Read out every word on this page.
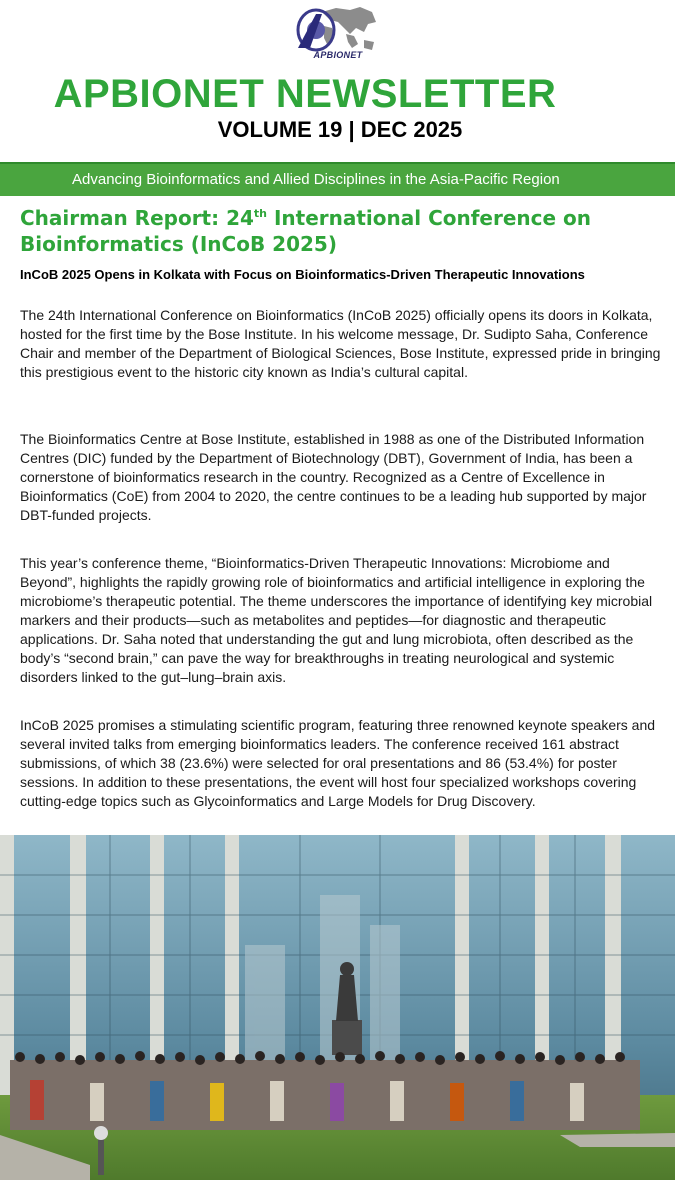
APBIONET
APBIONET NEWSLETTER
VOLUME 19 | DEC 2025
Advancing Bioinformatics and Allied Disciplines in the Asia-Pacific Region
Chairman Report: 24th International Conference on Bioinformatics (InCoB 2025)
InCoB 2025 Opens in Kolkata with Focus on Bioinformatics-Driven Therapeutic Innovations
The 24th International Conference on Bioinformatics (InCoB 2025) officially opens its doors in Kolkata, hosted for the first time by the Bose Institute. In his welcome message, Dr. Sudipto Saha, Conference Chair and member of the Department of Biological Sciences, Bose Institute, expressed pride in bringing this prestigious event to the historic city known as India’s cultural capital.
The Bioinformatics Centre at Bose Institute, established in 1988 as one of the Distributed Information Centres (DIC) funded by the Department of Biotechnology (DBT), Government of India, has been a cornerstone of bioinformatics research in the country. Recognized as a Centre of Excellence in Bioinformatics (CoE) from 2004 to 2020, the centre continues to be a leading hub supported by major DBT-funded projects.
This year’s conference theme, “Bioinformatics-Driven Therapeutic Innovations: Microbiome and Beyond”, highlights the rapidly growing role of bioinformatics and artificial intelligence in exploring the microbiome’s therapeutic potential. The theme underscores the importance of identifying key microbial markers and their products—such as metabolites and peptides—for diagnostic and therapeutic applications. Dr. Saha noted that understanding the gut and lung microbiota, often described as the body’s “second brain,” can pave the way for breakthroughs in treating neurological and systemic disorders linked to the gut–lung–brain axis.
InCoB 2025 promises a stimulating scientific program, featuring three renowned keynote speakers and several invited talks from emerging bioinformatics leaders. The conference received 161 abstract submissions, of which 38 (23.6%) were selected for oral presentations and 86 (53.4%) for poster sessions. In addition to these presentations, the event will host four specialized workshops covering cutting-edge topics such as Glycoinformatics and Large Models for Drug Discovery.
